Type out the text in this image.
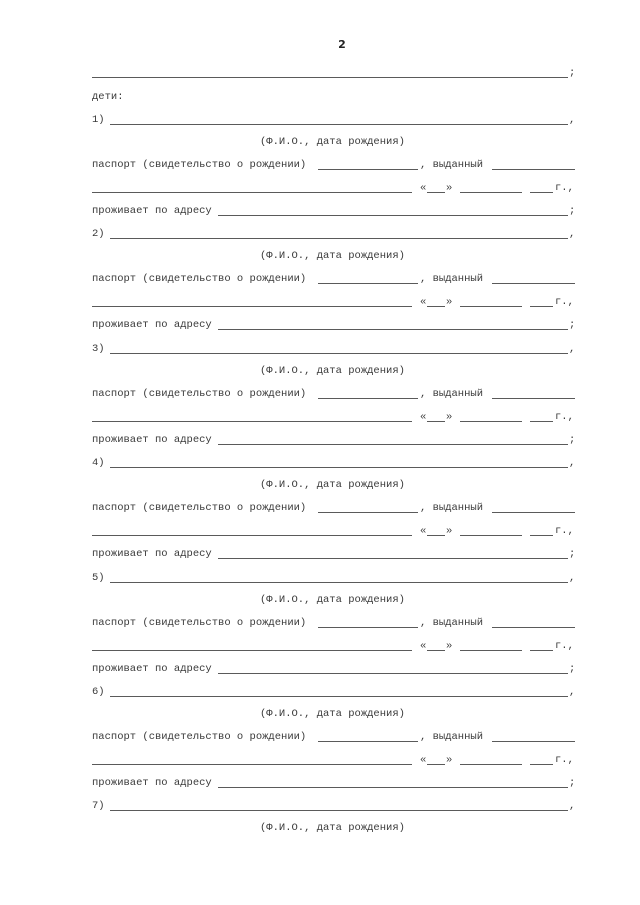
2
;
дети:
1)	,
(Ф.И.О., дата рождения)
паспорт (свидетельство о рождении)	, выданный
« »	г.,
проживает по адресу	;
2)	,
(Ф.И.О., дата рождения)
паспорт (свидетельство о рождении)	, выданный
« »	г.,
проживает по адресу	;
3)	,
(Ф.И.О., дата рождения)
паспорт (свидетельство о рождении)	, выданный
« »	г.,
проживает по адресу	;
4)	,
(Ф.И.О., дата рождения)
паспорт (свидетельство о рождении)	, выданный
« »	г.,
проживает по адресу	;
5)	,
(Ф.И.О., дата рождения)
паспорт (свидетельство о рождении)	, выданный
« »	г.,
проживает по адресу	;
6)	,
(Ф.И.О., дата рождения)
паспорт (свидетельство о рождении)	, выданный
« »	г.,
проживает по адресу	;
7)	,
(Ф.И.О., дата рождения)
